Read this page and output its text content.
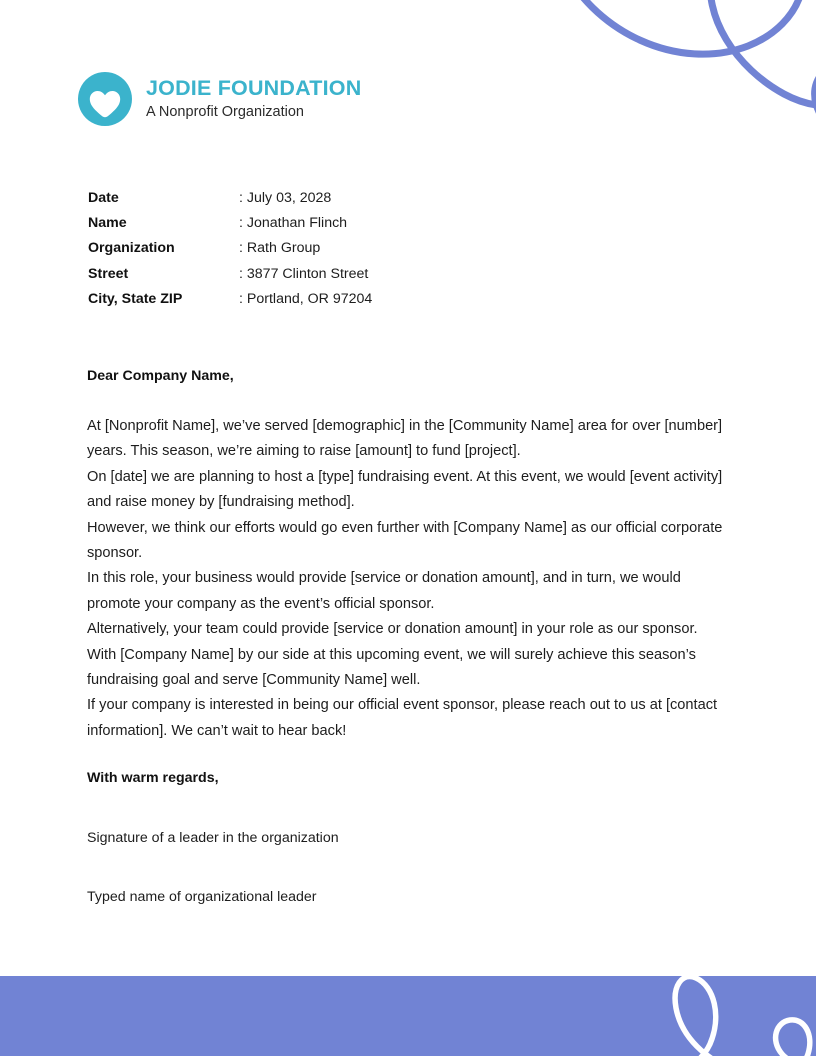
JODIE FOUNDATION
A Nonprofit Organization
Date	: July 03, 2028
Name	: Jonathan Flinch
Organization	: Rath Group
Street	: 3877 Clinton Street
City, State ZIP	: Portland, OR 97204

Dear Company Name,

At [Nonprofit Name], we’ve served [demographic] in the [Community Name] area for over [number] years. This season, we’re aiming to raise [amount] to fund [project].

On [date] we are planning to host a [type] fundraising event. At this event, we would [event activity] and raise money by [fundraising method].

However, we think our efforts would go even further with [Company Name] as our official corporate sponsor.

In this role, your business would provide [service or donation amount], and in turn, we would promote your company as the event’s official sponsor.

Alternatively, your team could provide [service or donation amount] in your role as our sponsor.

With [Company Name] by our side at this upcoming event, we will surely achieve this season’s fundraising goal and serve [Community Name] well.

If your company is interested in being our official event sponsor, please reach out to us at [contact information]. We can’t wait to hear back!

With warm regards,

Signature of a leader in the organization

Typed name of organizational leader
